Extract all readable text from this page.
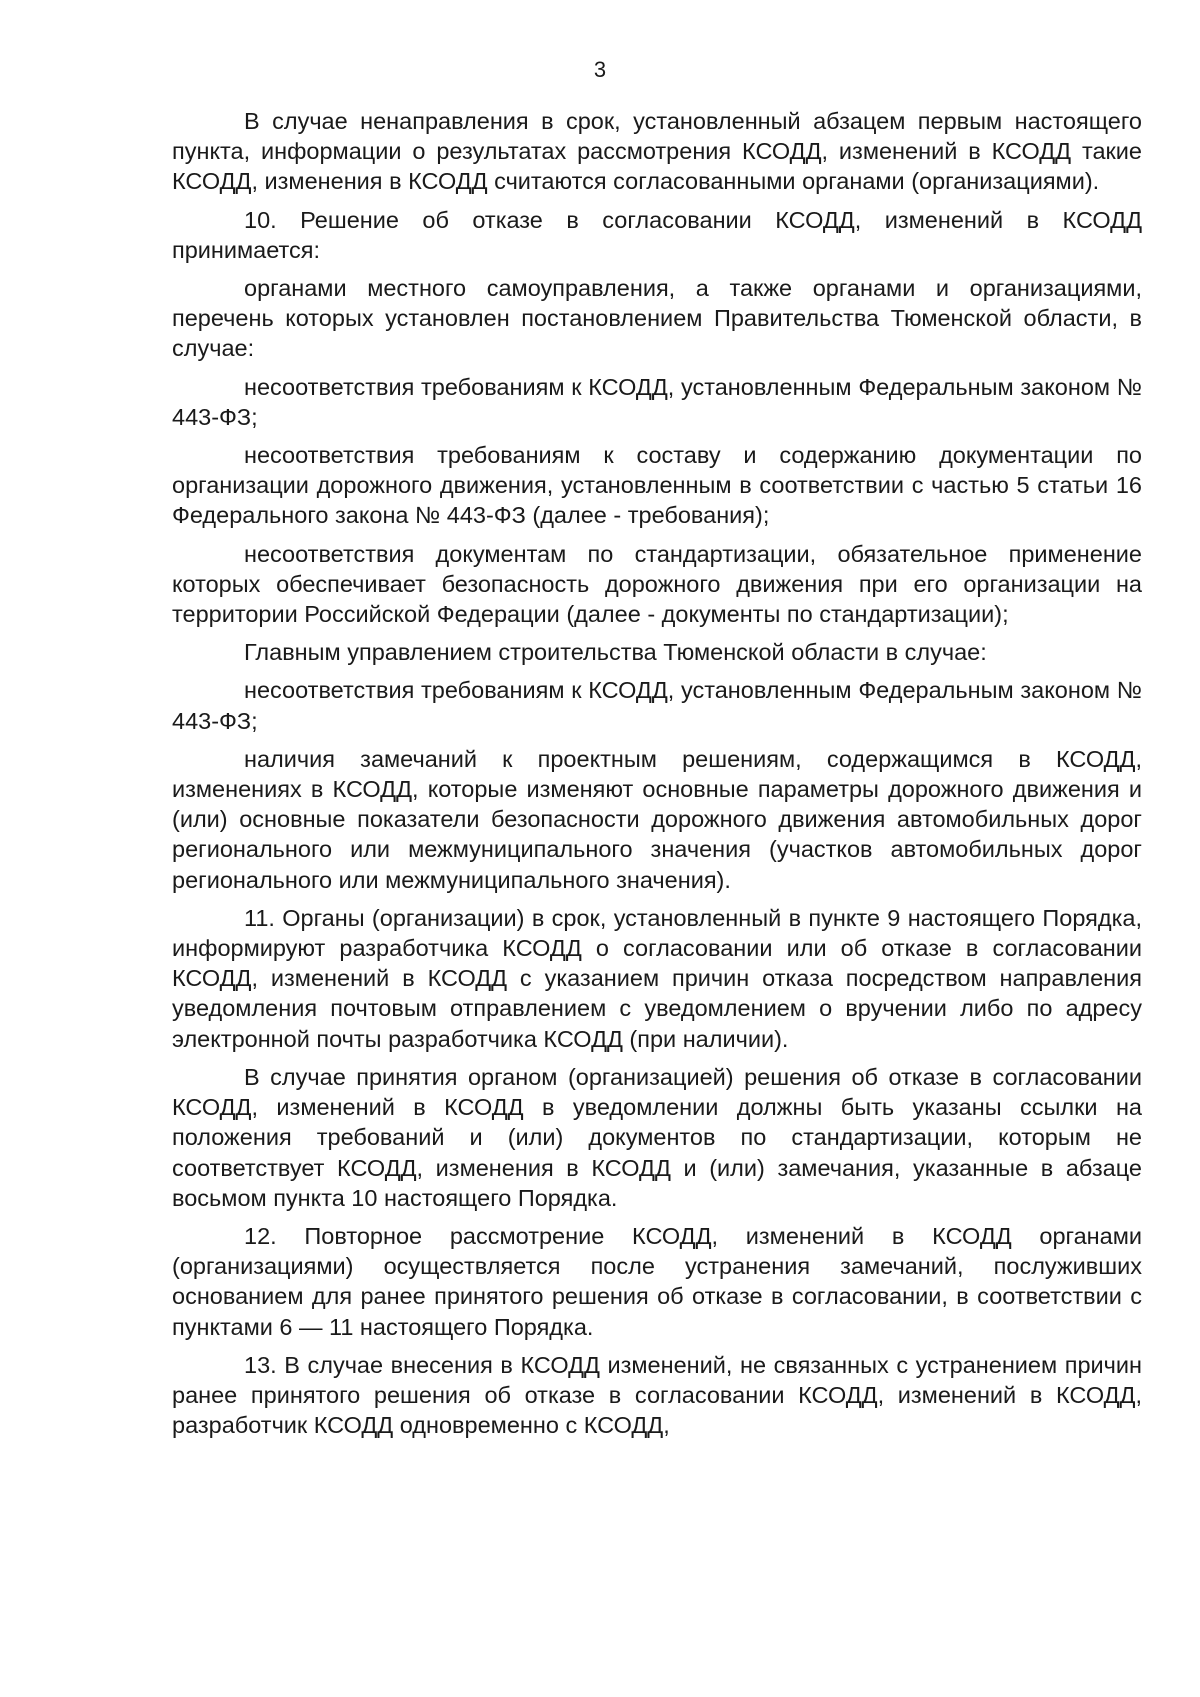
3

В случае ненаправления в срок, установленный абзацем первым настоящего пункта, информации о результатах рассмотрения КСОДД, изменений в КСОДД такие КСОДД, изменения в КСОДД считаются согласованными органами (организациями).

10. Решение об отказе в согласовании КСОДД, изменений в КСОДД принимается:

органами местного самоуправления, а также органами и организациями, перечень которых установлен постановлением Правительства Тюменской области, в случае:

несоответствия требованиям к КСОДД, установленным Федеральным законом № 443-ФЗ;

несоответствия требованиям к составу и содержанию документации по организации дорожного движения, установленным в соответствии с частью 5 статьи 16 Федерального закона № 443-ФЗ (далее - требования);

несоответствия документам по стандартизации, обязательное применение которых обеспечивает безопасность дорожного движения при его организации на территории Российской Федерации (далее - документы по стандартизации);

Главным управлением строительства Тюменской области в случае:

несоответствия требованиям к КСОДД, установленным Федеральным законом № 443-ФЗ;

наличия замечаний к проектным решениям, содержащимся в КСОДД, изменениях в КСОДД, которые изменяют основные параметры дорожного движения и (или) основные показатели безопасности дорожного движения автомобильных дорог регионального или межмуниципального значения (участков автомобильных дорог регионального или межмуниципального значения).

11. Органы (организации) в срок, установленный в пункте 9 настоящего Порядка, информируют разработчика КСОДД о согласовании или об отказе в согласовании КСОДД, изменений в КСОДД с указанием причин отказа посредством направления уведомления почтовым отправлением с уведомлением о вручении либо по адресу электронной почты разработчика КСОДД (при наличии).

В случае принятия органом (организацией) решения об отказе в согласовании КСОДД, изменений в КСОДД в уведомлении должны быть указаны ссылки на положения требований и (или) документов по стандартизации, которым не соответствует КСОДД, изменения в КСОДД и (или) замечания, указанные в абзаце восьмом пункта 10 настоящего Порядка.

12. Повторное рассмотрение КСОДД, изменений в КСОДД органами (организациями) осуществляется после устранения замечаний, послуживших основанием для ранее принятого решения об отказе в согласовании, в соответствии с пунктами 6 — 11 настоящего Порядка.

13. В случае внесения в КСОДД изменений, не связанных с устранением причин ранее принятого решения об отказе в согласовании КСОДД, изменений в КСОДД, разработчик КСОДД одновременно с КСОДД,
